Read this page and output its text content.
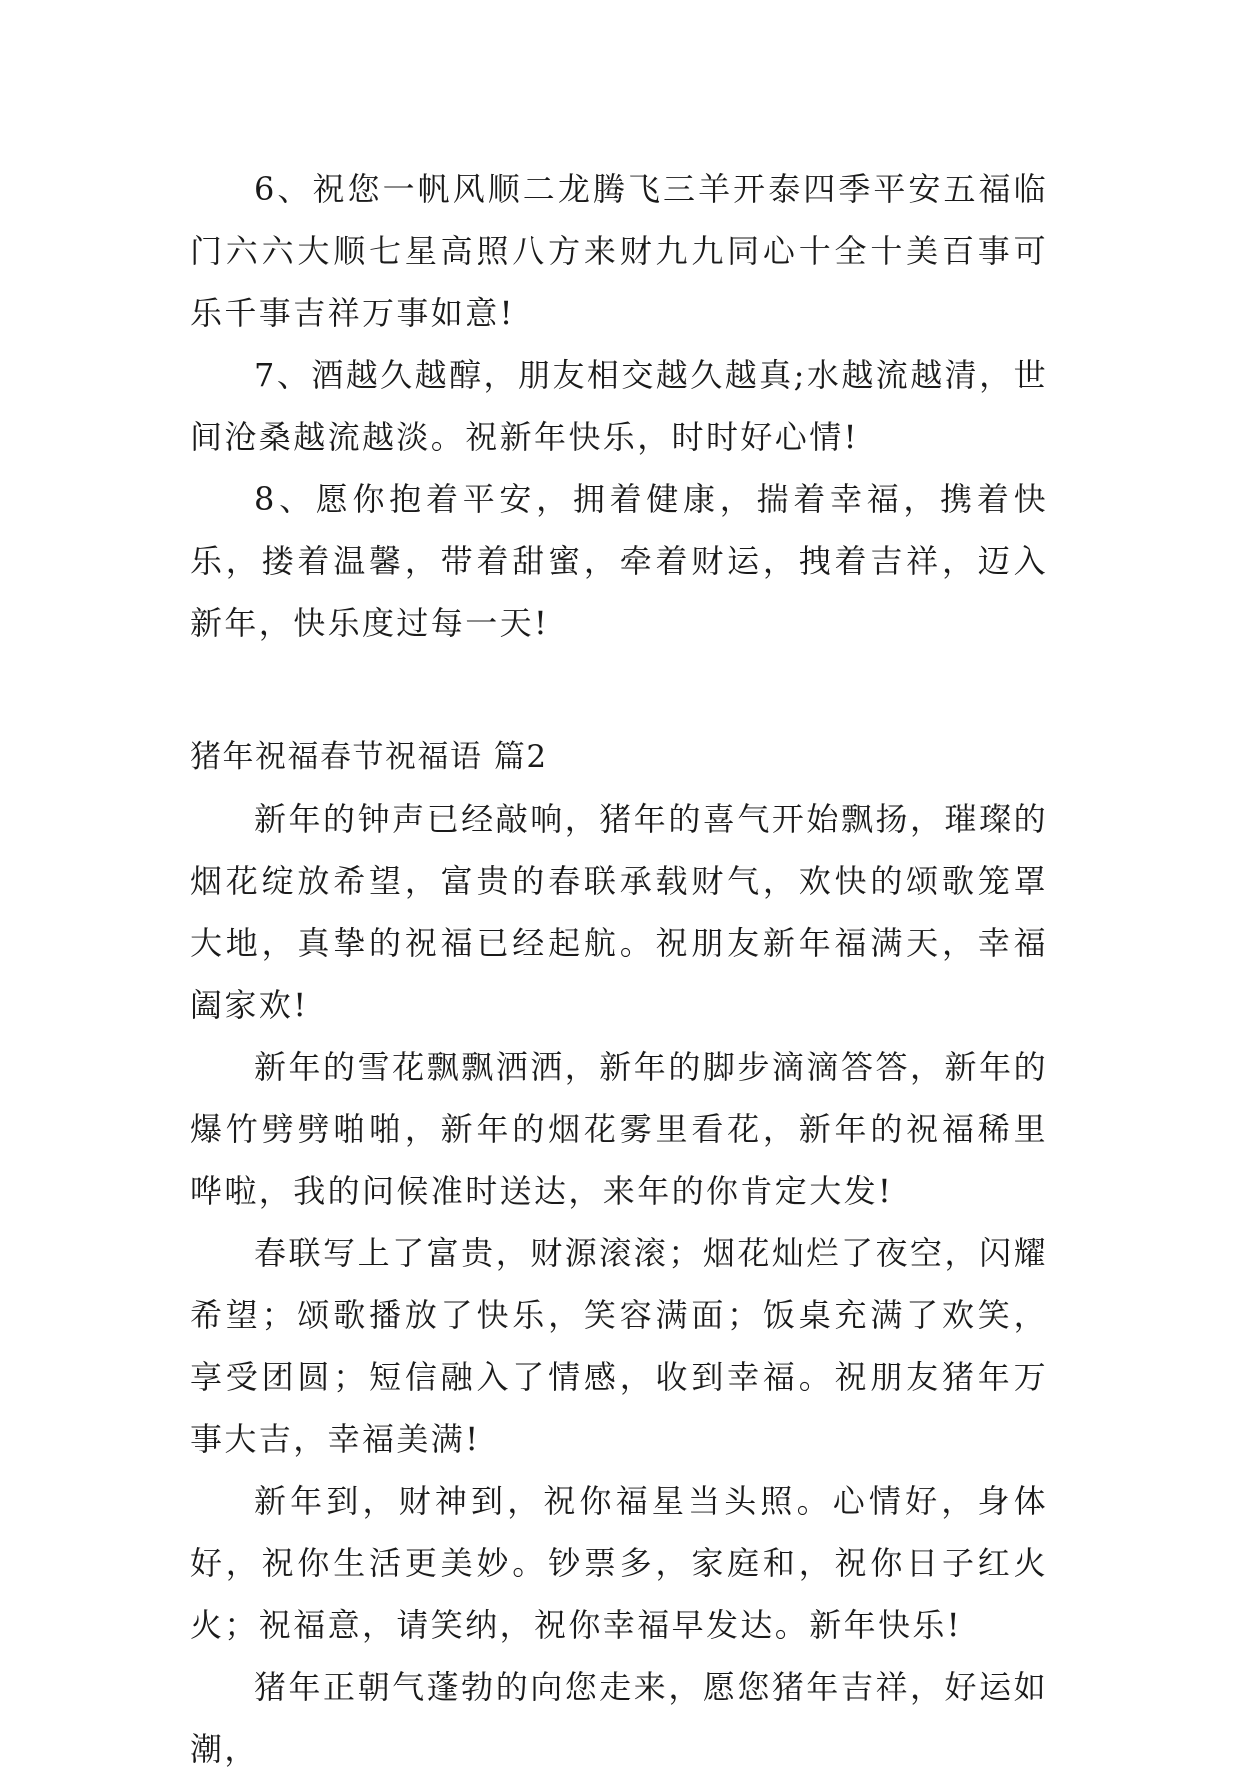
6、祝您一帆风顺二龙腾飞三羊开泰四季平安五福临门六六大顺七星高照八方来财九九同心十全十美百事可乐千事吉祥万事如意!

7、酒越久越醇，朋友相交越久越真;水越流越清，世间沧桑越流越淡。祝新年快乐，时时好心情!

8、愿你抱着平安，拥着健康，揣着幸福，携着快乐，搂着温馨，带着甜蜜，牵着财运，拽着吉祥，迈入新年，快乐度过每一天!

猪年祝福春节祝福语 篇2

新年的钟声已经敲响，猪年的喜气开始飘扬，璀璨的烟花绽放希望，富贵的春联承载财气，欢快的颂歌笼罩大地，真挚的祝福已经起航。祝朋友新年福满天，幸福阖家欢!

新年的雪花飘飘洒洒，新年的脚步滴滴答答，新年的爆竹劈劈啪啪，新年的烟花雾里看花，新年的祝福稀里哗啦，我的问候准时送达，来年的你肯定大发!

春联写上了富贵，财源滚滚；烟花灿烂了夜空，闪耀希望；颂歌播放了快乐，笑容满面；饭桌充满了欢笑，享受团圆；短信融入了情感，收到幸福。祝朋友猪年万事大吉，幸福美满!

新年到，财神到，祝你福星当头照。心情好，身体好，祝你生活更美妙。钞票多，家庭和，祝你日子红火火；祝福意，请笑纳，祝你幸福早发达。新年快乐!

猪年正朝气蓬勃的向您走来，愿您猪年吉祥，好运如潮，
